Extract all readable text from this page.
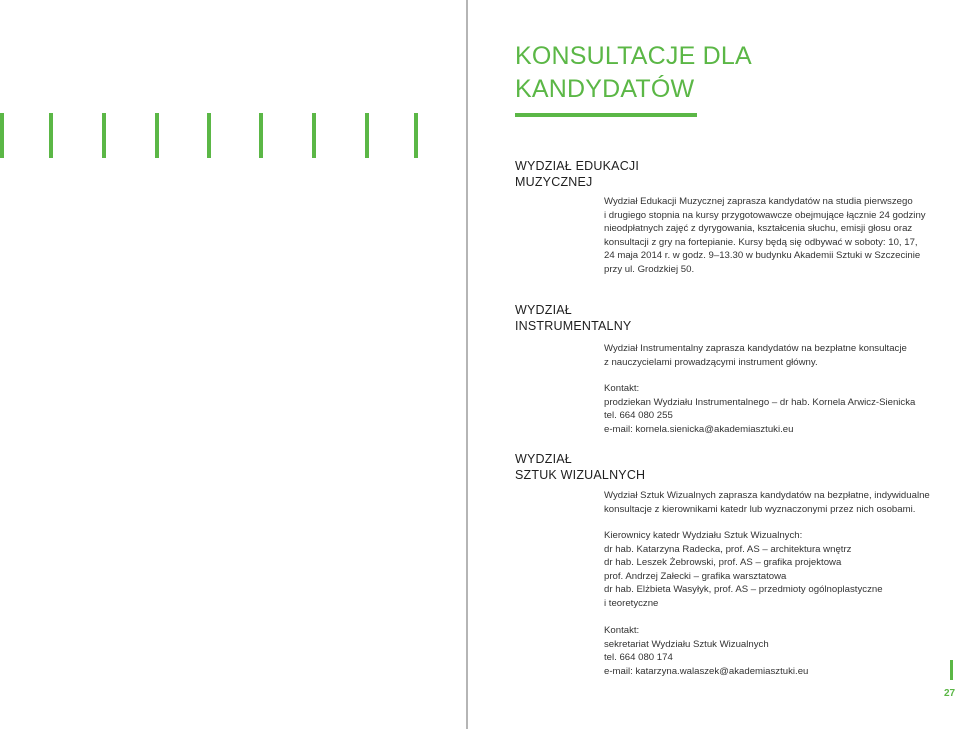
KONSULTACJE DLA
KANDYDATÓW
WYDZIAŁ EDUKACJI
MUZYCZNEJ
Wydział Edukacji Muzycznej zaprasza kandydatów na studia pierwszego
i drugiego stopnia na kursy przygotowawcze obejmujące łącznie 24 godziny
nieodpłatnych zajęć z dyrygowania, kształcenia słuchu, emisji głosu oraz
konsultacji z gry na fortepianie. Kursy będą się odbywać w soboty: 10, 17,
24 maja 2014 r. w godz. 9–13.30 w budynku Akademii Sztuki w Szczecinie
przy ul. Grodzkiej 50.
WYDZIAŁ
INSTRUMENTALNY
Wydział Instrumentalny zaprasza kandydatów na bezpłatne konsultacje
z nauczycielami prowadzącymi instrument główny.
Kontakt:
prodziekan Wydziału Instrumentalnego – dr hab. Kornela Arwicz-Sienicka
tel. 664 080 255
e-mail: kornela.sienicka@akademiasztuki.eu
WYDZIAŁ
SZTUK WIZUALNYCH
Wydział Sztuk Wizualnych zaprasza kandydatów na bezpłatne, indywidualne
konsultacje z kierownikami katedr lub wyznaczonymi przez nich osobami.
Kierownicy katedr Wydziału Sztuk Wizualnych:
dr hab. Katarzyna Radecka, prof. AS – architektura wnętrz
dr hab. Leszek Żebrowski, prof. AS – grafika projektowa
prof. Andrzej Załecki – grafika warsztatowa
dr hab. Elżbieta Wasyłyk, prof. AS – przedmioty ogólnoplastyczne
i teoretyczne
Kontakt:
sekretariat Wydziału Sztuk Wizualnych
tel. 664 080 174
e-mail: katarzyna.walaszek@akademiasztuki.eu
27
